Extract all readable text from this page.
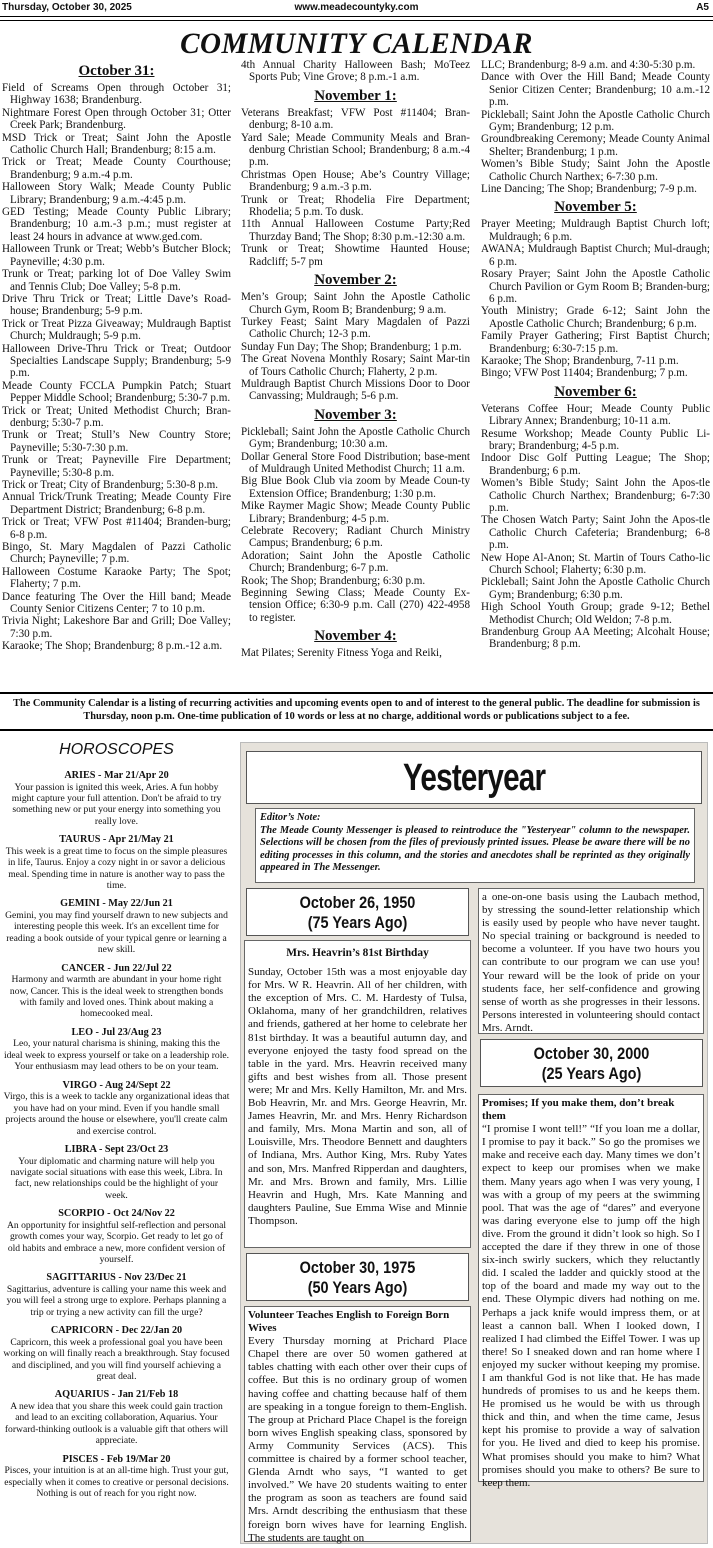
Thursday, October 30, 2025	www.meadecountyky.com	A5
COMMUNITY CALENDAR
October 31:
Field of Screams Open through October 31; Highway 1638; Brandenburg.
Nightmare Forest Open through October 31; Otter Creek Park; Brandenburg.
MSD Trick or Treat; Saint John the Apostle Catholic Church Hall; Brandenburg; 8:15 a.m.
Trick or Treat; Meade County Courthouse; Brandenburg; 9 a.m.-4 p.m.
Halloween Story Walk; Meade County Public Library; Brandenburg; 9 a.m.-4:45 p.m.
GED Testing; Meade County Public Library; Brandenburg; 10 a.m.-3 p.m.; must register at least 24 hours in advance at www.ged.com.
Halloween Trunk or Treat; Webb’s Butcher Block; Payneville; 4:30 p.m.
Trunk or Treat; parking lot of Doe Valley Swim and Tennis Club; Doe Valley; 5-8 p.m.
Drive Thru Trick or Treat; Little Dave’s Road-house; Brandenburg; 5-9 p.m.
Trick or Treat Pizza Giveaway; Muldraugh Baptist Church; Muldraugh; 5-9 p.m.
Halloween Drive-Thru Trick or Treat; Outdoor Specialties Landscape Supply; Brandenburg; 5-9 p.m.
Meade County FCCLA Pumpkin Patch; Stuart Pepper Middle School; Brandenburg; 5:30-7 p.m.
Trick or Treat; United Methodist Church; Bran-denburg; 5:30-7 p.m.
Trunk or Treat; Stull’s New Country Store; Payneville; 5:30-7:30 p.m.
Trunk or Treat; Payneville Fire Department; Payneville; 5:30-8 p.m.
Trick or Treat; City of Brandenburg; 5:30-8 p.m.
Annual Trick/Trunk Treating; Meade County Fire Department District; Brandenburg; 6-8 p.m.
Trick or Treat; VFW Post #11404; Branden-burg; 6-8 p.m.
Bingo, St. Mary Magdalen of Pazzi Catholic Church; Payneville; 7 p.m.
Halloween Costume Karaoke Party; The Spot; Flaherty; 7 p.m.
Dance featuring The Over the Hill band; Meade County Senior Citizens Center; 7 to 10 p.m.
Trivia Night; Lakeshore Bar and Grill; Doe Valley; 7:30 p.m.
Karaoke; The Shop; Brandenburg; 8 p.m.-12 a.m.
4th Annual Charity Halloween Bash; MoTeez Sports Pub; Vine Grove; 8 p.m.-1 a.m.
November 1:
Veterans Breakfast; VFW Post #11404; Bran-denburg; 8-10 a.m.
Yard Sale; Meade Community Meals and Bran-denburg Christian School; Brandenburg; 8 a.m.-4 p.m.
Christmas Open House; Abe’s Country Village; Brandenburg; 9 a.m.-3 p.m.
Trunk or Treat; Rhodelia Fire Department; Rhodelia; 5 p.m. To dusk.
11th Annual Halloween Costume Party;Red Thurzday Band; The Shop; 8:30 p.m.-12:30 a.m.
Trunk or Treat; Showtime Haunted House; Radcliff; 5-7 pm
November 2:
Men’s Group; Saint John the Apostle Catholic Church Gym, Room B; Brandenburg; 9 a.m.
Turkey Feast; Saint Mary Magdalen of Pazzi Catholic Church; 12-3 p.m.
Sunday Fun Day; The Shop; Brandenburg; 1 p.m.
The Great Novena Monthly Rosary; Saint Mar-tin of Tours Catholic Church; Flaherty, 2 p.m.
Muldraugh Baptist Church Missions Door to Door Canvassing; Muldraugh; 5-6 p.m.
November 3:
Pickleball; Saint John the Apostle Catholic Church Gym; Brandenburg; 10:30 a.m.
Dollar General Store Food Distribution; base-ment of Muldraugh United Methodist Church; 11 a.m.
Big Blue Book Club via zoom by Meade Coun-ty Extension Office; Brandenburg; 1:30 p.m.
Mike Raymer Magic Show; Meade County Public Library; Brandenburg; 4-5 p.m.
Celebrate Recovery; Radiant Church Ministry Campus; Brandenburg; 6 p.m.
Adoration; Saint John the Apostle Catholic Church; Brandenburg; 6-7 p.m.
Rook; The Shop; Brandenburg; 6:30 p.m.
Beginning Sewing Class; Meade County Ex-tension Office; 6:30-9 p.m. Call (270) 422-4958 to register.
November 4:
Mat Pilates; Serenity Fitness Yoga and Reiki,
LLC; Brandenburg; 8-9 a.m. and 4:30-5:30 p.m.
Dance with Over the Hill Band; Meade County Senior Citizen Center; Brandenburg; 10 a.m.-12 p.m.
Pickleball; Saint John the Apostle Catholic Church Gym; Brandenburg; 12 p.m.
Groundbreaking Ceremony; Meade County Animal Shelter; Brandenburg; 1 p.m.
Women’s Bible Study; Saint John the Apostle Catholic Church Narthex; 6-7:30 p.m.
Line Dancing; The Shop; Brandenburg; 7-9 p.m.
November 5:
Prayer Meeting; Muldraugh Baptist Church loft; Muldraugh; 6 p.m.
AWANA; Muldraugh Baptist Church; Mul-draugh; 6 p.m.
Rosary Prayer; Saint John the Apostle Catholic Church Pavilion or Gym Room B; Branden-burg; 6 p.m.
Youth Ministry; Grade 6-12; Saint John the Apostle Catholic Church; Brandenburg; 6 p.m.
Family Prayer Gathering; First Baptist Church; Brandenburg; 6:30-7:15 p.m.
Karaoke; The Shop; Brandenburg, 7-11 p.m.
Bingo; VFW Post 11404; Brandenburg; 7 p.m.
November 6:
Veterans Coffee Hour; Meade County Public Library Annex; Brandenburg; 10-11 a.m.
Resume Workshop; Meade County Public Li-brary; Brandenburg; 4-5 p.m.
Indoor Disc Golf Putting League; The Shop; Brandenburg; 6 p.m.
Women’s Bible Study; Saint John the Apos-tle Catholic Church Narthex; Brandenburg; 6-7:30 p.m.
The Chosen Watch Party; Saint John the Apos-tle Catholic Church Cafeteria; Brandenburg; 6-8 p.m.
New Hope Al-Anon; St. Martin of Tours Catho-lic Church School; Flaherty; 6:30 p.m.
Pickleball; Saint John the Apostle Catholic Church Gym; Brandenburg; 6:30 p.m.
High School Youth Group; grade 9-12; Bethel Methodist Church; Old Weldon; 7-8 p.m.
Brandenburg Group AA Meeting; Alcohalt House; Brandenburg; 8 p.m.
The Community Calendar is a listing of recurring activities and upcoming events open to and of interest to the general public. The deadline for submission is Thursday, noon p.m. One-time publication of 10 words or less at no charge, additional words or publications subject to a fee.
HOROSCOPES
ARIES - Mar 21/Apr 20
Your passion is ignited this week, Aries. A fun hobby might capture your full attention. Don't be afraid to try something new or put your energy into something you really love.
TAURUS - Apr 21/May 21
This week is a great time to focus on the simple pleasures in life, Taurus. Enjoy a cozy night in or savor a delicious meal. Spending time in nature is another way to pass the time.
GEMINI - May 22/Jun 21
Gemini, you may find yourself drawn to new subjects and interesting people this week. It's an excellent time for reading a book outside of your typical genre or learning a new skill.
CANCER - Jun 22/Jul 22
Harmony and warmth are abundant in your home right now, Cancer. This is the ideal week to strengthen bonds with family and loved ones. Think about making a homecooked meal.
LEO - Jul 23/Aug 23
Leo, your natural charisma is shining, making this the ideal week to express yourself or take on a leadership role. Your enthusiasm may lead others to be on your team.
VIRGO - Aug 24/Sept 22
Virgo, this is a week to tackle any organizational ideas that you have had on your mind. Even if you handle small projects around the house or elsewhere, you'll create calm and exercise control.
LIBRA - Sept 23/Oct 23
Your diplomatic and charming nature will help you navigate social situations with ease this week, Libra. In fact, new relationships could be the highlight of your week.
SCORPIO - Oct 24/Nov 22
An opportunity for insightful self-reflection and personal growth comes your way, Scorpio. Get ready to let go of old habits and embrace a new, more confident version of yourself.
SAGITTARIUS - Nov 23/Dec 21
Sagittarius, adventure is calling your name this week and you will feel a strong urge to explore. Perhaps planning a trip or trying a new activity can fill the urge?
CAPRICORN - Dec 22/Jan 20
Capricorn, this week a professional goal you have been working on will finally reach a breakthrough. Stay focused and disciplined, and you will find yourself achieving a great deal.
AQUARIUS - Jan 21/Feb 18
A new idea that you share this week could gain traction and lead to an exciting collaboration, Aquarius. Your forward-thinking outlook is a valuable gift that others will appreciate.
PISCES - Feb 19/Mar 20
Pisces, your intuition is at an all-time high. Trust your gut, especially when it comes to creative or personal decisions. Nothing is out of reach for you right now.
Yesteryear
Editor’s Note:
The Meade County Messenger is pleased to reintroduce the "Yesteryear" column to the newspaper. Selections will be chosen from the files of previously printed issues. Please be aware there will be no editing processes in this column, and the stories and anecdotes shall be reprinted as they originally appeared in The Messenger.
October 26, 1950
(75 Years Ago)
Mrs. Heavrin’s 81st Birthday
Sunday, October 15th was a most enjoyable day for Mrs. W R. Heavrin. All of her children, with the exception of Mrs. C. M. Hardesty of Tulsa, Oklahoma, many of her grandchildren, relatives and friends, gathered at her home to celebrate her 81st birthday. It was a beautiful autumn day, and everyone enjoyed the tasty food spread on the table in the yard. Mrs. Heavrin received many gifts and best wishes from all. Those present were; Mr and Mrs. Kelly Hamilton, Mr. and Mrs. Bob Heavrin, Mr. and Mrs. George Heavrin, Mr. James Heavrin, Mr. and Mrs. Henry Richardson and family, Mrs. Mona Martin and son, all of Louisville, Mrs. Theodore Bennett and daughters of Indiana, Mrs. Author King, Mrs. Ruby Yates and son, Mrs. Manfred Ripperdan and daughters, Mr. and Mrs. Brown and family, Mrs. Lillie Heavrin and Hugh, Mrs. Kate Manning and daughters Pauline, Sue Emma Wise and Minnie Thompson.
October 30, 1975
(50 Years Ago)
Volunteer Teaches English to Foreign Born Wives
Every Thursday morning at Prichard Place Chapel there are over 50 women gathered at tables chatting with each other over their cups of coffee. But this is no ordinary group of women having coffee and chatting because half of them are speaking in a tongue foreign to them-English. The group at Prichard Place Chapel is the foreign born wives English speaking class, sponsored by Army Community Services (ACS). This committee is chaired by a former school teacher, Glenda Arndt who says, “I wanted to get involved.” We have 20 students waiting to enter the program as soon as teachers are found said Mrs. Arndt describing the enthusiasm that these foreign born wives have for learning English. The students are taught on
a one-on-one basis using the Laubach method, by stressing the sound-letter relationship which is easily used by people who have never taught. No special training or background is needed to become a volunteer. If you have two hours you can contribute to our program we can use you! Your reward will be the look of pride on your students face, her self-confidence and growing sense of worth as she progresses in their lessons. Persons interested in volunteering should contact Mrs. Arndt.
October 30, 2000
(25 Years Ago)
Promises; If you make them, don’t break them
“I promise I wont tell!” “If you loan me a dollar, I promise to pay it back.” So go the promises we make and receive each day. Many times we don’t expect to keep our promises when we make them. Many years ago when I was very young, I was with a group of my peers at the swimming pool. That was the age of “dares” and everyone was daring everyone else to jump off the high dive. From the ground it didn’t look so high. So I accepted the dare if they threw in one of those six-inch swirly suckers, which they reluctantly did. I scaled the ladder and quickly stood at the top of the board and made my way out to the end. These Olympic divers had nothing on me. Perhaps a jack knife would impress them, or at least a cannon ball. When I looked down, I realized I had climbed the Eiffel Tower. I was up there! So I sneaked down and ran home where I enjoyed my sucker without keeping my promise. I am thankful God is not like that. He has made hundreds of promises to us and he keeps them. He promised us he would be with us through thick and thin, and when the time came, Jesus kept his promise to provide a way of salvation for you. He lived and died to keep his promise. What promises should you make to him? What promises should you make to others? Be sure to keep them.
